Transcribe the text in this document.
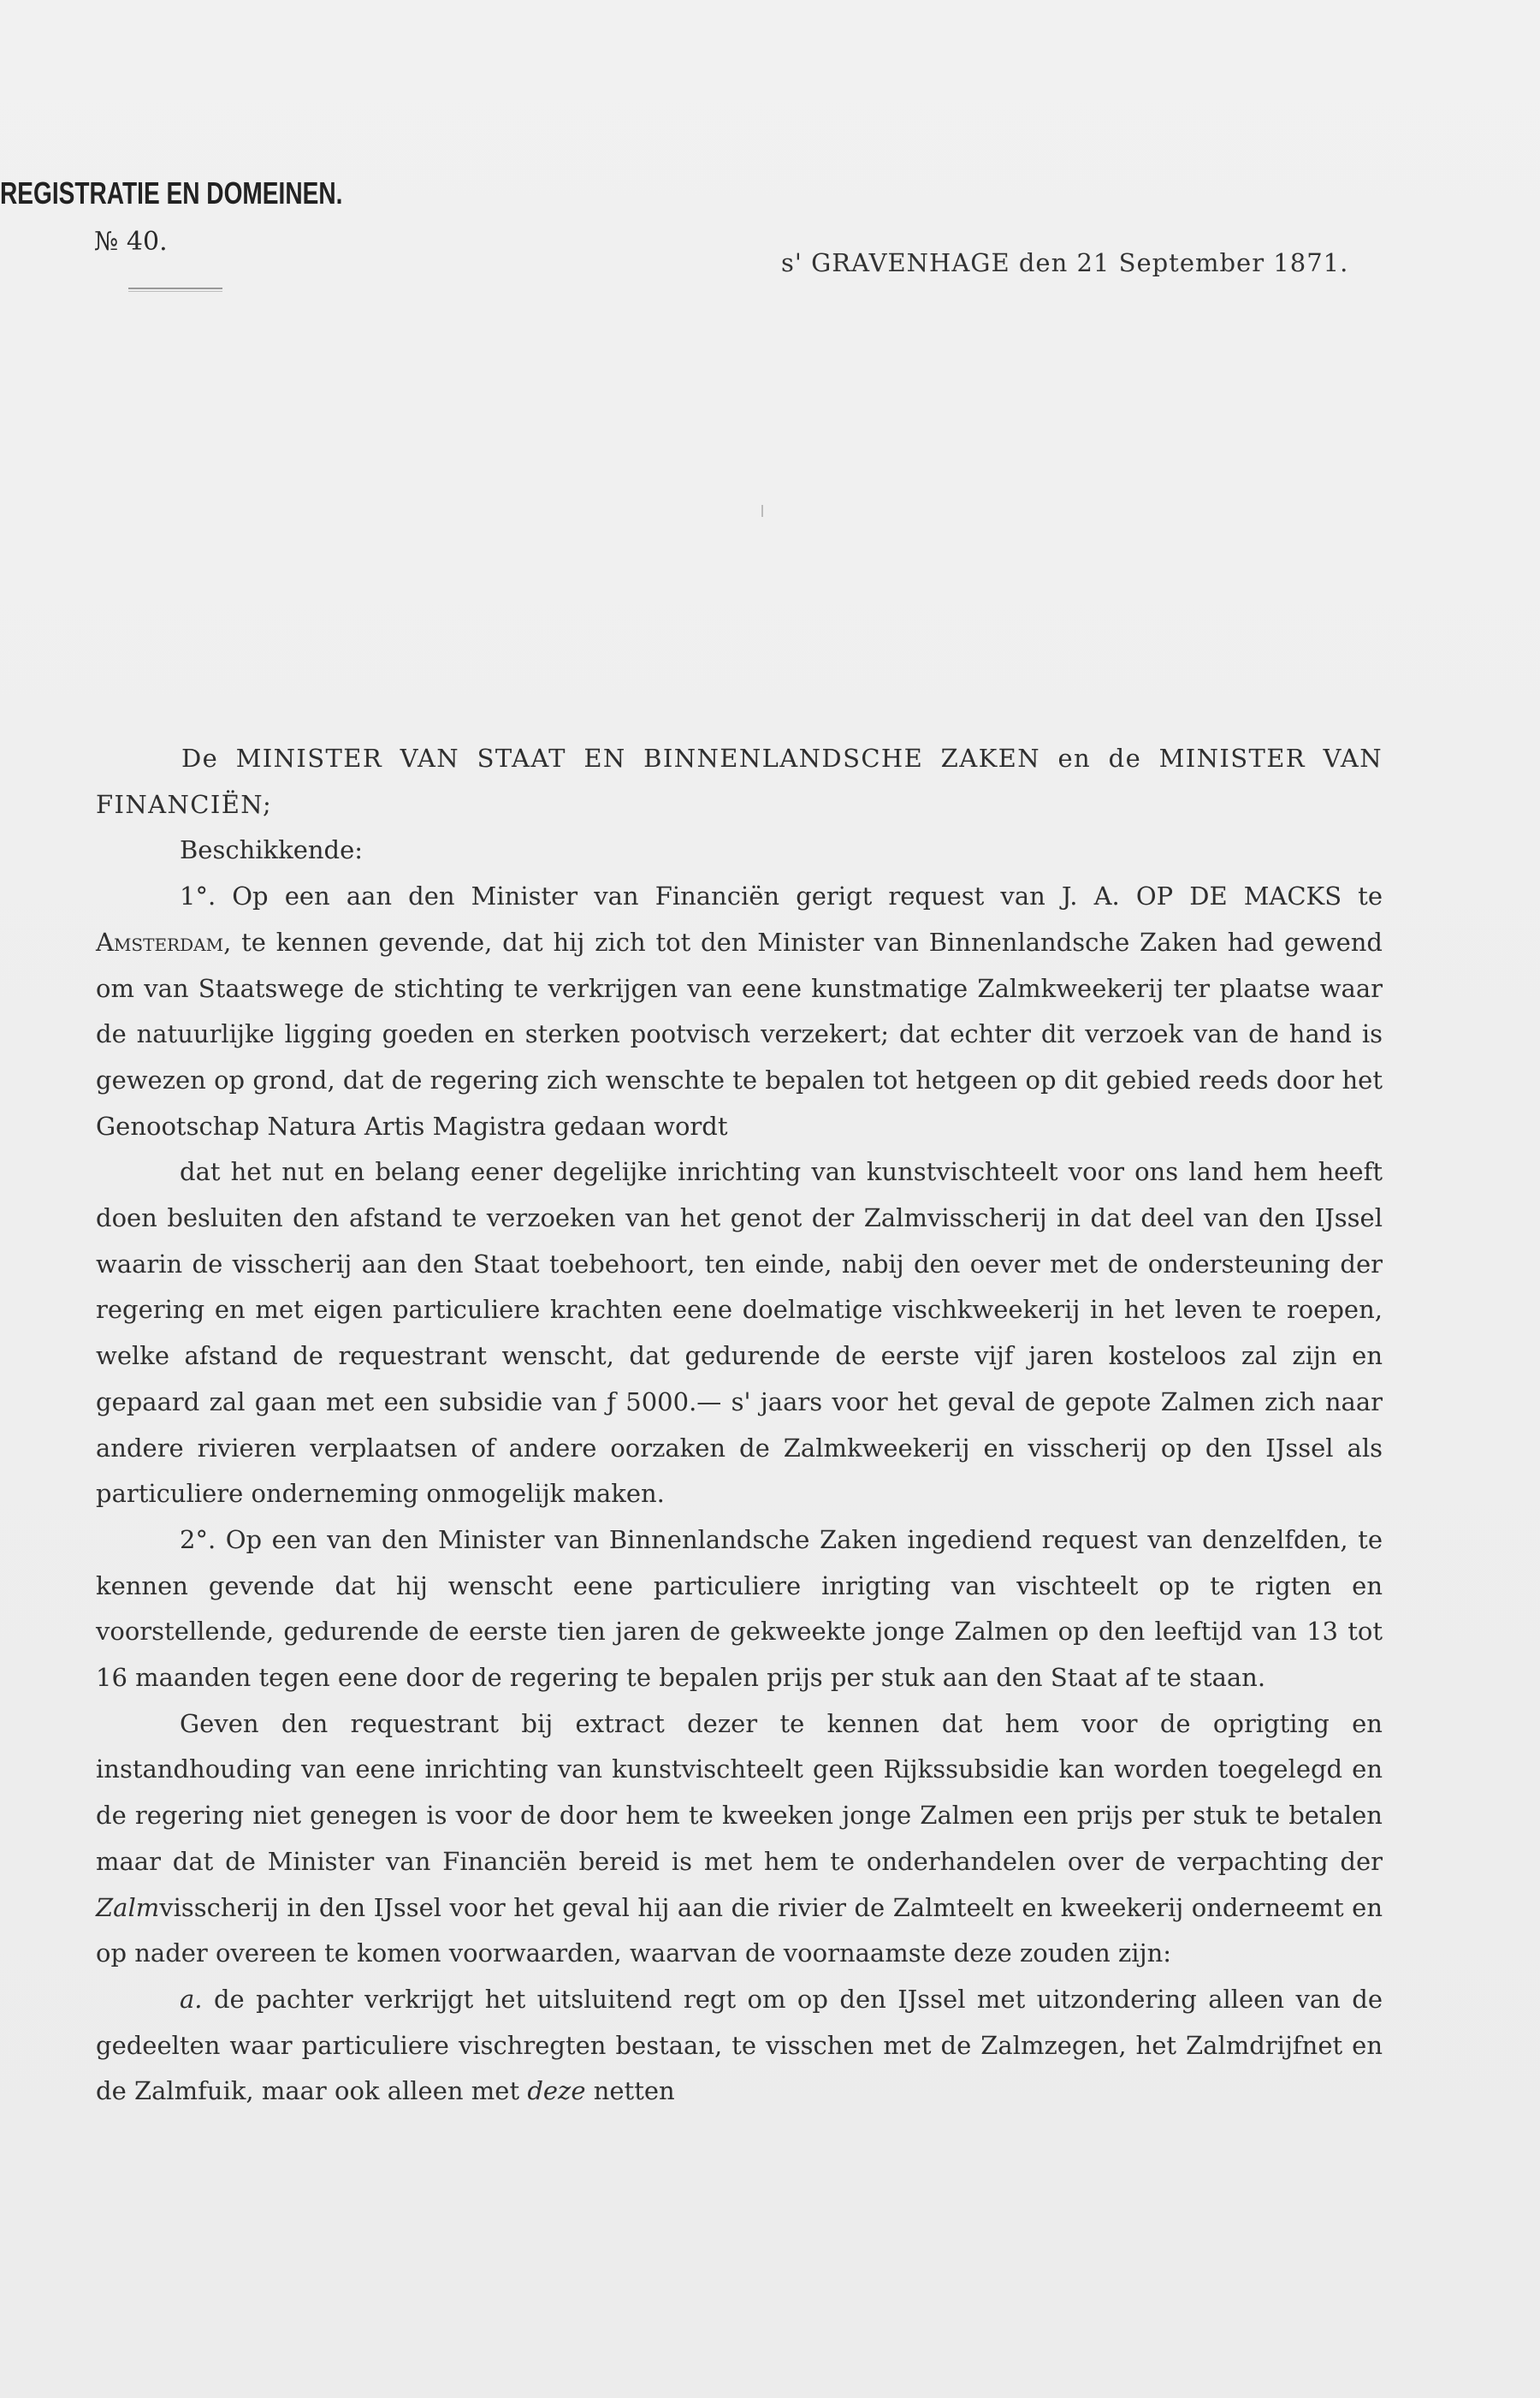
REGISTRATIE EN DOMEINEN.
№ 40.
s' GRAVENHAGE den 21 September 1871.

De MINISTER VAN STAAT EN BINNENLANDSCHE ZAKEN en de MINISTER VAN FINANCIËN;

Beschikkende:

1°. Op een aan den Minister van Financiën gerigt request van J. A. OP DE MACKS te Amsterdam, te kennen gevende, dat hij zich tot den Minister van Binnenlandsche Zaken had gewend om van Staatswege de stichting te verkrijgen van eene kunstmatige Zalmkweekerij ter plaatse waar de natuurlijke ligging goeden en sterken pootvisch verzekert; dat echter dit verzoek van de hand is gewezen op grond, dat de regering zich wenschte te bepalen tot hetgeen op dit gebied reeds door het Genootschap Natura Artis Magistra gedaan wordt

dat het nut en belang eener degelijke inrichting van kunstvischteelt voor ons land hem heeft doen besluiten den afstand te verzoeken van het genot der Zalmvisscherij in dat deel van den IJssel waarin de visscherij aan den Staat toebehoort, ten einde, nabij den oever met de ondersteuning der regering en met eigen particuliere krachten eene doelmatige vischkweekerij in het leven te roepen, welke afstand de requestrant wenscht, dat gedurende de eerste vijf jaren kosteloos zal zijn en gepaard zal gaan met een subsidie van ƒ 5000.— s' jaars voor het geval de gepote Zalmen zich naar andere rivieren verplaatsen of andere oorzaken de Zalmkweekerij en visscherij op den IJssel als particuliere onderneming onmogelijk maken.

2°. Op een van den Minister van Binnenlandsche Zaken ingediend request van denzelfden, te kennen gevende dat hij wenscht eene particuliere inrigting van vischteelt op te rigten en voorstellende, gedurende de eerste tien jaren de gekweekte jonge Zalmen op den leeftijd van 13 tot 16 maanden tegen eene door de regering te bepalen prijs per stuk aan den Staat af te staan.

Geven den requestrant bij extract dezer te kennen dat hem voor de oprigting en instandhouding van eene inrichting van kunstvischteelt geen Rijkssubsidie kan worden toegelegd en de regering niet genegen is voor de door hem te kweeken jonge Zalmen een prijs per stuk te betalen maar dat de Minister van Financiën bereid is met hem te onderhandelen over de verpachting der Zalmvisscherij in den IJssel voor het geval hij aan die rivier de Zalmteelt en kweekerij onderneemt en op nader overeen te komen voorwaarden, waarvan de voornaamste deze zouden zijn:

a. de pachter verkrijgt het uitsluitend regt om op den IJssel met uitzondering alleen van de gedeelten waar particuliere vischregten bestaan, te visschen met de Zalmzegen, het Zalmdrijfnet en de Zalmfuik, maar ook alleen met deze netten
